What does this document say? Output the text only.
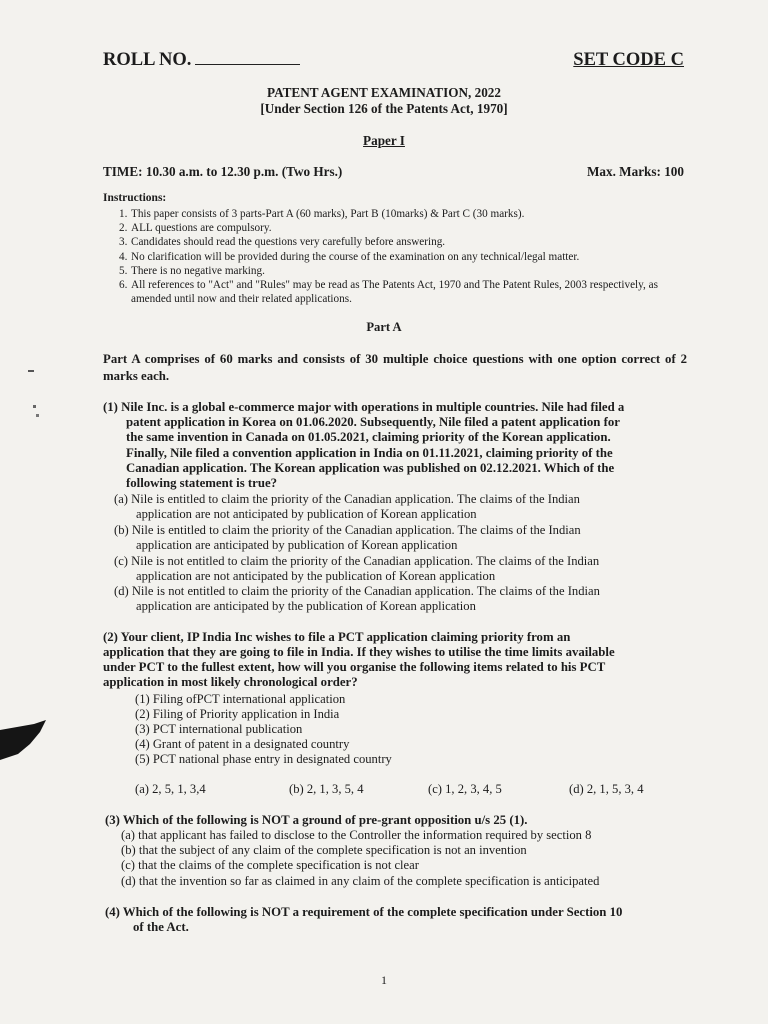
ROLL NO.	SET CODE C
PATENT AGENT EXAMINATION, 2022
[Under Section 126 of the Patents Act, 1970]
Paper I
TIME: 10.30 a.m. to 12.30 p.m. (Two Hrs.)	Max. Marks: 100
Instructions:
1. This paper consists of 3 parts-Part A (60 marks), Part B (10marks) & Part C (30 marks).
2. ALL questions are compulsory.
3. Candidates should read the questions very carefully before answering.
4. No clarification will be provided during the course of the examination on any technical/legal matter.
5. There is no negative marking.
6. All references to "Act" and "Rules" may be read as The Patents Act, 1970 and The Patent Rules, 2003 respectively, as amended until now and their related applications.
Part A
Part A comprises of 60 marks and consists of 30 multiple choice questions with one option correct of 2 marks each.
(1) Nile Inc. is a global e-commerce major with operations in multiple countries. Nile had filed a
patent application in Korea on 01.06.2020. Subsequently, Nile filed a patent application for
the same invention in Canada on 01.05.2021, claiming priority of the Korean application.
Finally, Nile filed a convention application in India on 01.11.2021, claiming priority of the
Canadian application. The Korean application was published on 02.12.2021. Which of the
following statement is true?
(a) Nile is entitled to claim the priority of the Canadian application. The claims of the Indian
application are not anticipated by publication of Korean application
(b) Nile is entitled to claim the priority of the Canadian application. The claims of the Indian
application are anticipated by publication of Korean application
(c) Nile is not entitled to claim the priority of the Canadian application. The claims of the Indian
application are not anticipated by the publication of Korean application
(d) Nile is not entitled to claim the priority of the Canadian application. The claims of the Indian
application are anticipated by the publication of Korean application
(2) Your client, IP India Inc wishes to file a PCT application claiming priority from an
application that they are going to file in India. If they wishes to utilise the time limits available
under PCT to the fullest extent, how will you organise the following items related to his PCT
application in most likely chronological order?
(1) Filing ofPCT international application
(2) Filing of Priority application in India
(3) PCT international publication
(4) Grant of patent in a designated country
(5) PCT national phase entry in designated country
(a) 2, 5, 1, 3,4	(b) 2, 1, 3, 5, 4	(c) 1, 2, 3, 4, 5	(d) 2, 1, 5, 3, 4
(3) Which of the following is NOT a ground of pre-grant opposition u/s 25 (1).
(a) that applicant has failed to disclose to the Controller the information required by section 8
(b) that the subject of any claim of the complete specification is not an invention
(c) that the claims of the complete specification is not clear
(d) that the invention so far as claimed in any claim of the complete specification is anticipated
(4) Which of the following is NOT a requirement of the complete specification under Section 10
of the Act.
1
